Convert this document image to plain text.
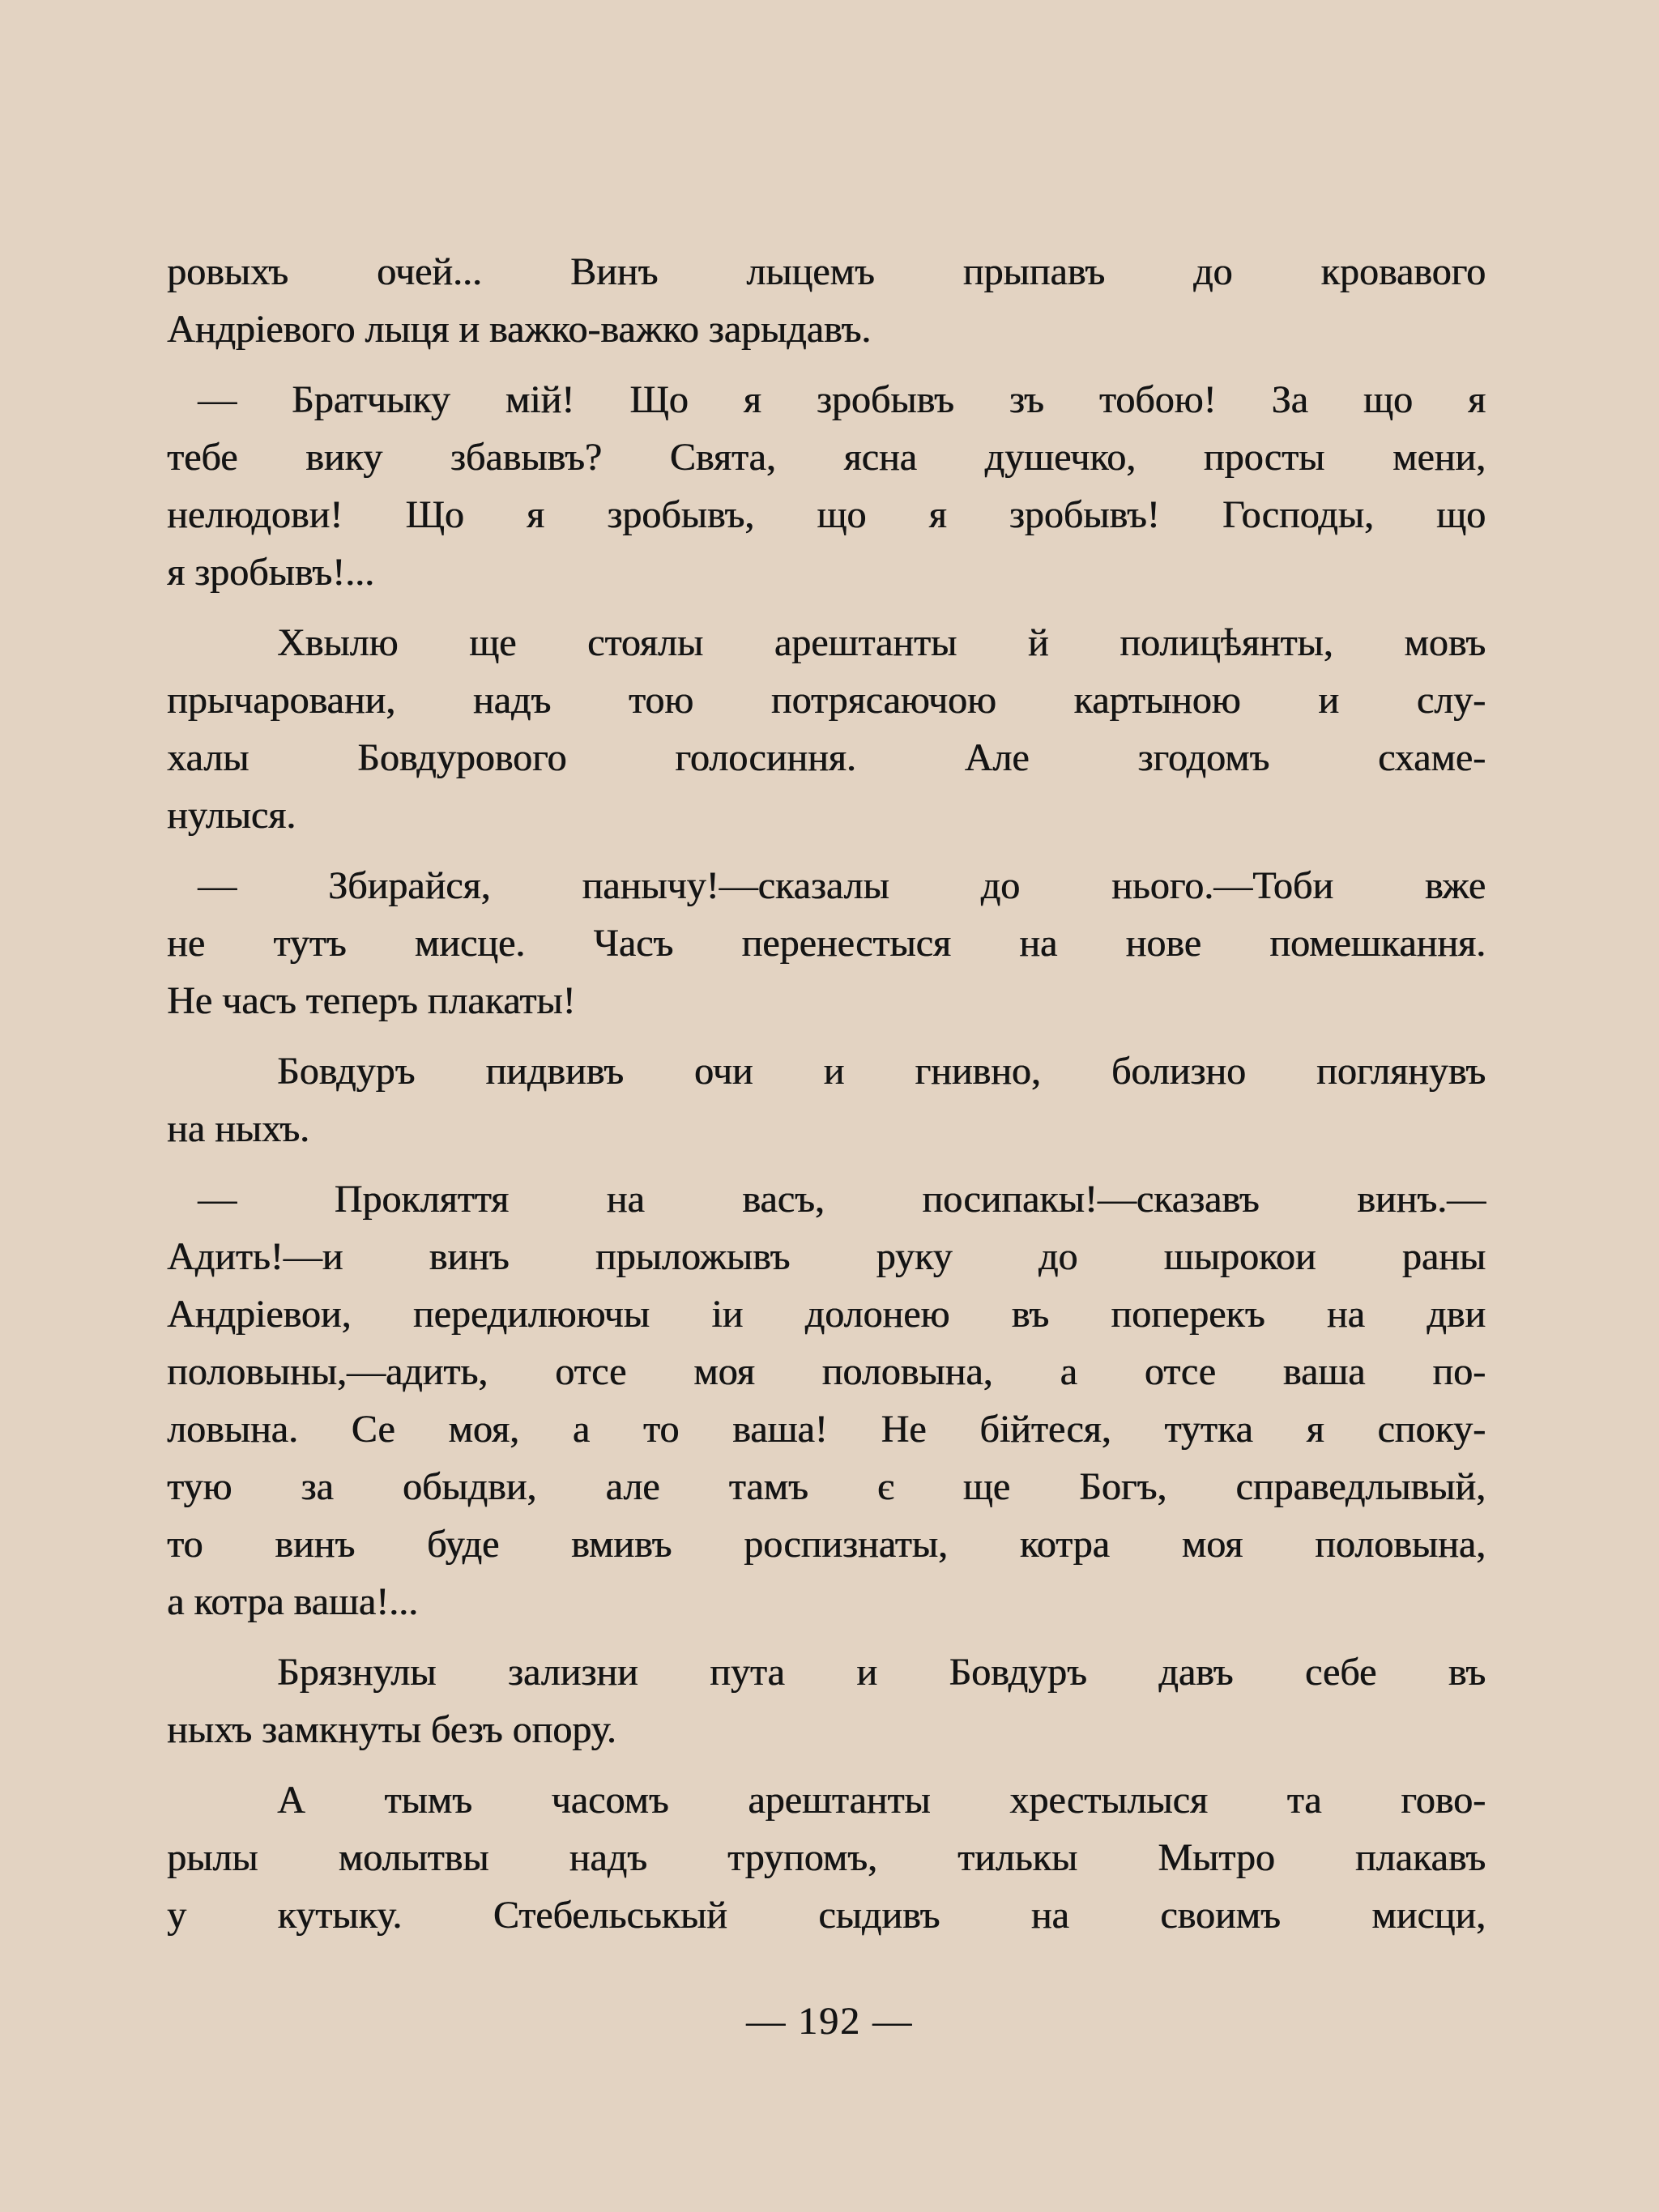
ровыхъ очей... Винъ лыцемъ прыпавъ до кровавого
Андріевого лыця и важко-важко зарыдавъ.
— Братчыку мій! Що я зробывъ зъ тобою! За що я
тебе вику збавывъ? Свята, ясна душечко, просты мени,
нелюдови! Що я зробывъ, що я зробывъ! Господы, що
я зробывъ!...
Хвылю ще стоялы арештанты й полицѣянты, мовъ
прычаровани, надъ тою потрясаючою картыною и слу-
халы Бовдурового голосиння. Але згодомъ схаме-
нулыся.
— Збирайся, панычу!—сказалы до нього.—Тоби вже
не тутъ мисце. Часъ перенестыся на нове помешкання.
Не часъ теперъ плакаты!
Бовдуръ пидвивъ очи и гнивно, болизно поглянувъ
на ныхъ.
— Прокляття на васъ, посипакы!—сказавъ винъ.—
Адить!—и винъ прыложывъ руку до шырокои раны
Андріевои, передилюючы іи долонею въ поперекъ на дви
половыны,—адить, отсе моя половына, а отсе ваша по-
ловына. Се моя, а то ваша! Не бійтеся, тутка я споку-
тую за обыдви, але тамъ є ще Богъ, справедлывый,
то винъ буде вмивъ роспизнаты, котра моя половына,
а котра ваша!...
Брязнулы зализни пута и Бовдуръ давъ себе въ
ныхъ замкнуты безъ опору.
А тымъ часомъ арештанты хрестылыся та гово-
рылы молытвы надъ трупомъ, тилькы Мытро плакавъ
у кутыку. Стебельськый сыдивъ на своимъ мисци,
— 192 —
